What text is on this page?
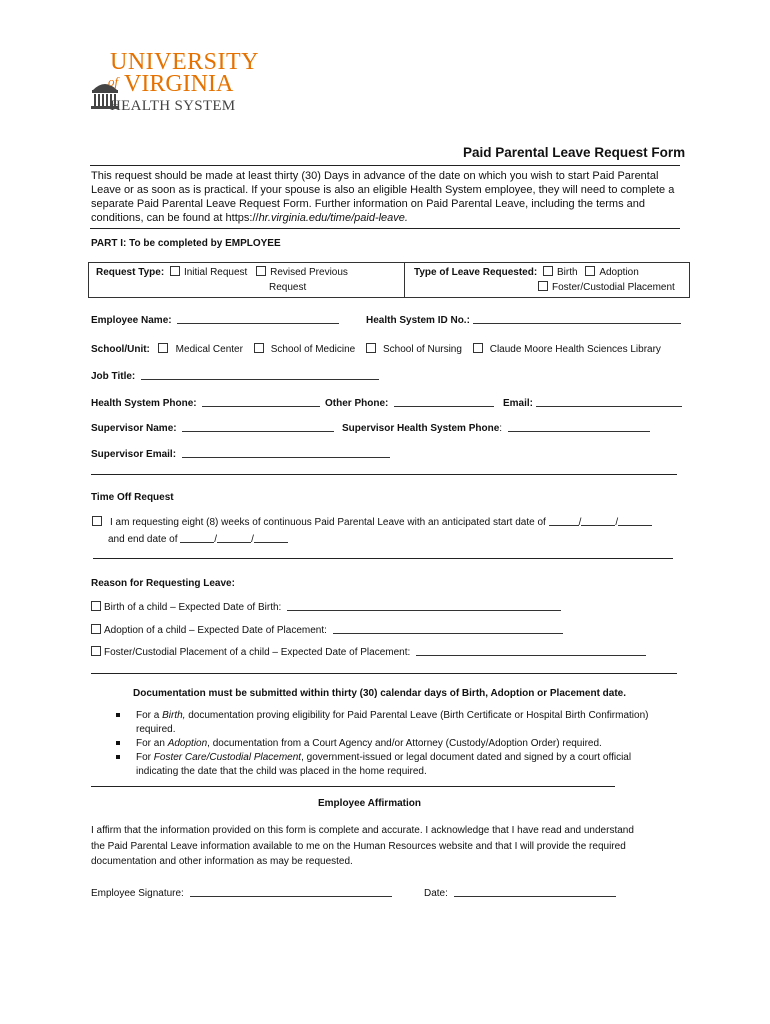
UNIVERSITY
of VIRGINIA
HEALTH SYSTEM
Paid Parental Leave Request Form
This request should be made at least thirty (30) Days in advance of the date on which you wish to start Paid Parental Leave or as soon as is practical. If your spouse is also an eligible Health System employee, they will need to complete a separate Paid Parental Leave Request Form. Further information on Paid Parental Leave, including the terms and conditions, can be found at https://hr.virginia.edu/time/paid-leave.
PART I: To be completed by EMPLOYEE
Request Type: Initial Request Revised Previous
Request
Type of Leave Requested: Birth Adoption
Foster/Custodial Placement
Employee Name:	Health System ID No.:
School/Unit:	Medical Center	School of Medicine	School of Nursing	Claude Moore Health Sciences Library
Job Title:
Health System Phone:	Other Phone:	Email:
Supervisor Name:	Supervisor Health System Phone:
Supervisor Email:
Time Off Request
I am requesting eight (8) weeks of continuous Paid Parental Leave with an anticipated start date of	/	/
and end date of	/	/
Reason for Requesting Leave:
Birth of a child – Expected Date of Birth:
Adoption of a child – Expected Date of Placement:
Foster/Custodial Placement of a child – Expected Date of Placement:
Documentation must be submitted within thirty (30) calendar days of Birth, Adoption or Placement date.
For a Birth, documentation proving eligibility for Paid Parental Leave (Birth Certificate or Hospital Birth Confirmation)
required.
For an Adoption, documentation from a Court Agency and/or Attorney (Custody/Adoption Order) required.
For Foster Care/Custodial Placement, government-issued or legal document dated and signed by a court official
indicating the date that the child was placed in the home required.
Employee Affirmation
I affirm that the information provided on this form is complete and accurate. I acknowledge that I have read and understand
the Paid Parental Leave information available to me on the Human Resources website and that I will provide the required
documentation and other information as may be requested.
Employee Signature:	Date:
